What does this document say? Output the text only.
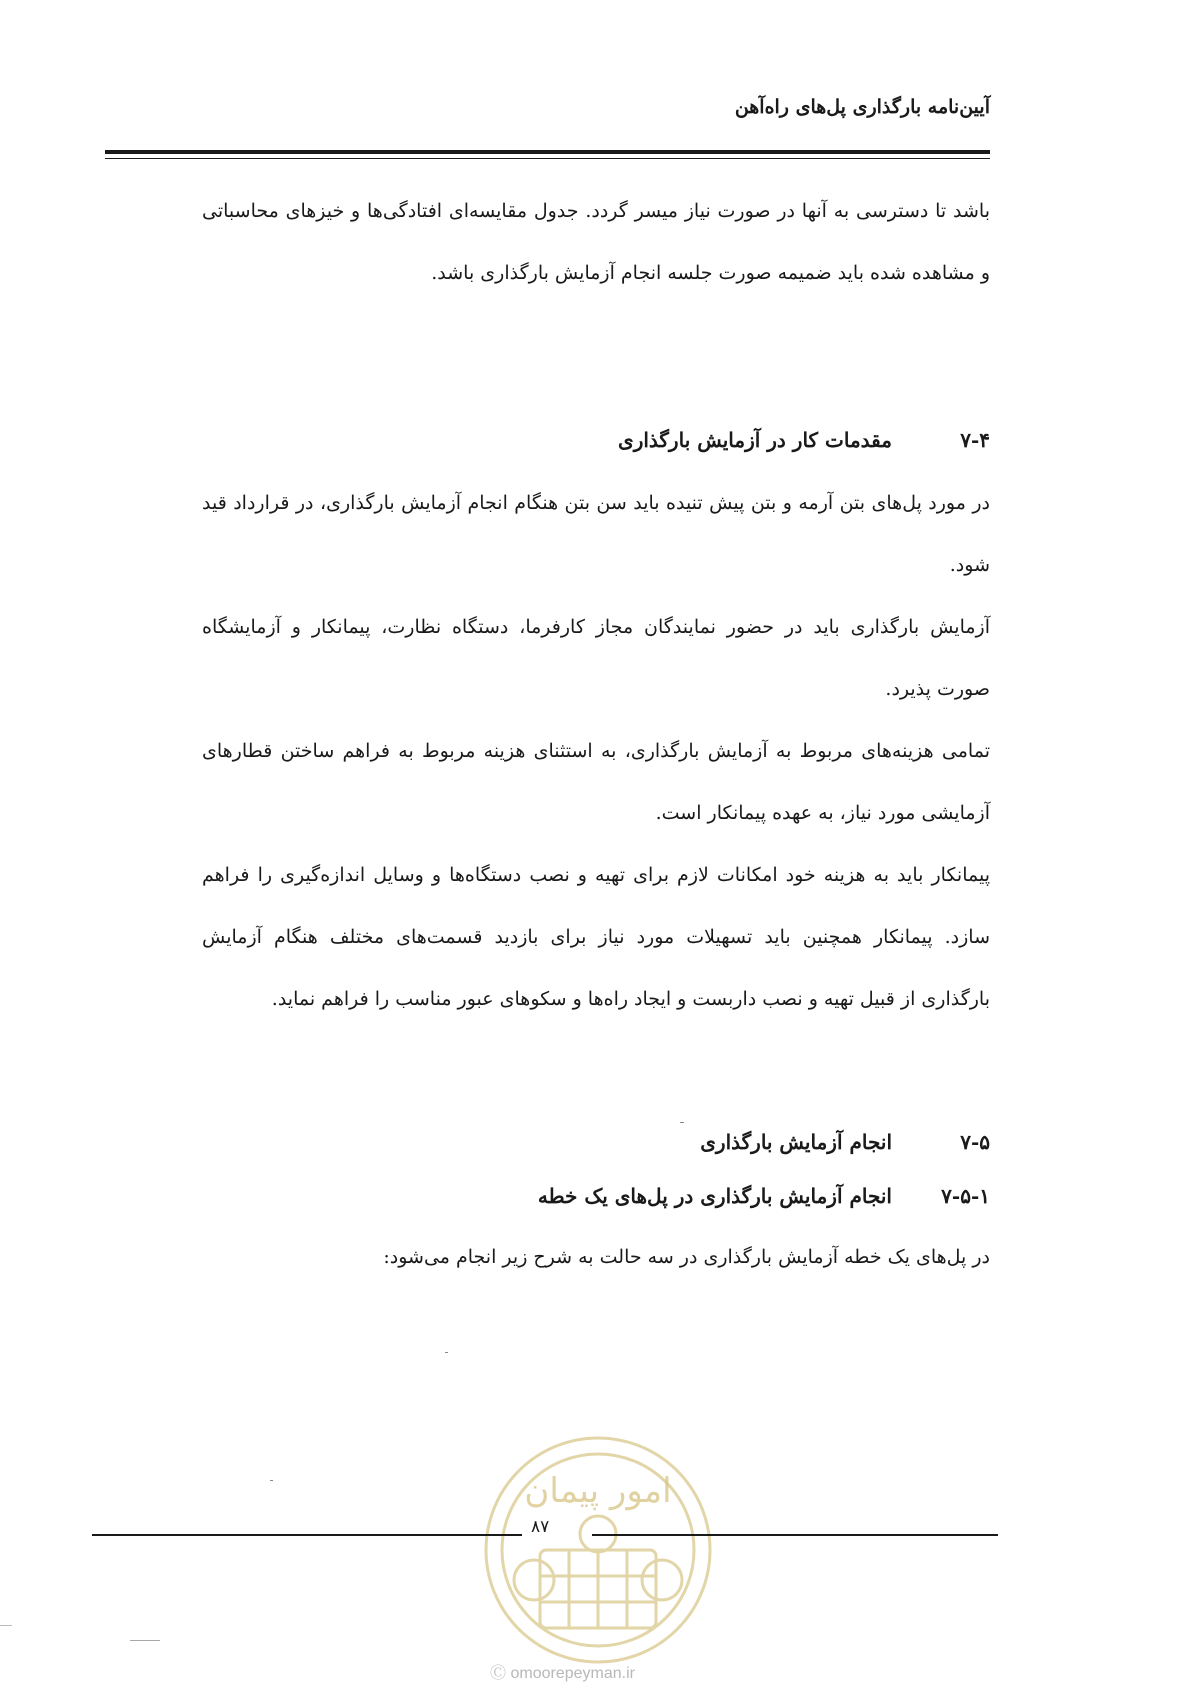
آیین‌نامه بارگذاری پل‌های راه‌آهن

باشد تا دسترسی به آنها در صورت نیاز میسر گردد. جدول مقایسه‌ای افتادگی‌ها و خیزهای محاسباتی و مشاهده شده باید ضمیمه صورت جلسه انجام آزمایش بارگذاری باشد.

۷-۴
مقدمات کار در آزمایش بارگذاری

در مورد پل‌های بتن آرمه و بتن پیش تنیده باید سن بتن هنگام انجام آزمایش بارگذاری، در قرارداد قید شود.

آزمایش بارگذاری باید در حضور نمایندگان مجاز کارفرما، دستگاه نظارت، پیمانکار و آزمایشگاه صورت پذیرد.

تمامی هزینه‌های مربوط به آزمایش بارگذاری، به استثنای هزینه مربوط به فراهم ساختن قطارهای آزمایشی مورد نیاز، به عهده پیمانکار است.

پیمانکار باید به هزینه خود امکانات لازم برای تهیه و نصب دستگاه‌ها و وسایل اندازه‌گیری را فراهم سازد. پیمانکار همچنین باید تسهیلات مورد نیاز برای بازدید قسمت‌های مختلف هنگام آزمایش بارگذاری از قبیل تهیه و نصب داربست و ایجاد راه‌ها و سکوهای عبور مناسب را فراهم نماید.

۷-۵
انجام آزمایش بارگذاری
۷-۵-۱
انجام آزمایش بارگذاری در پل‌های یک خطه

در پل‌های یک خطه آزمایش بارگذاری در سه حالت به شرح زیر انجام می‌شود:

امور پیمان
۸۷
Ⓒ omoorepeyman.ir
